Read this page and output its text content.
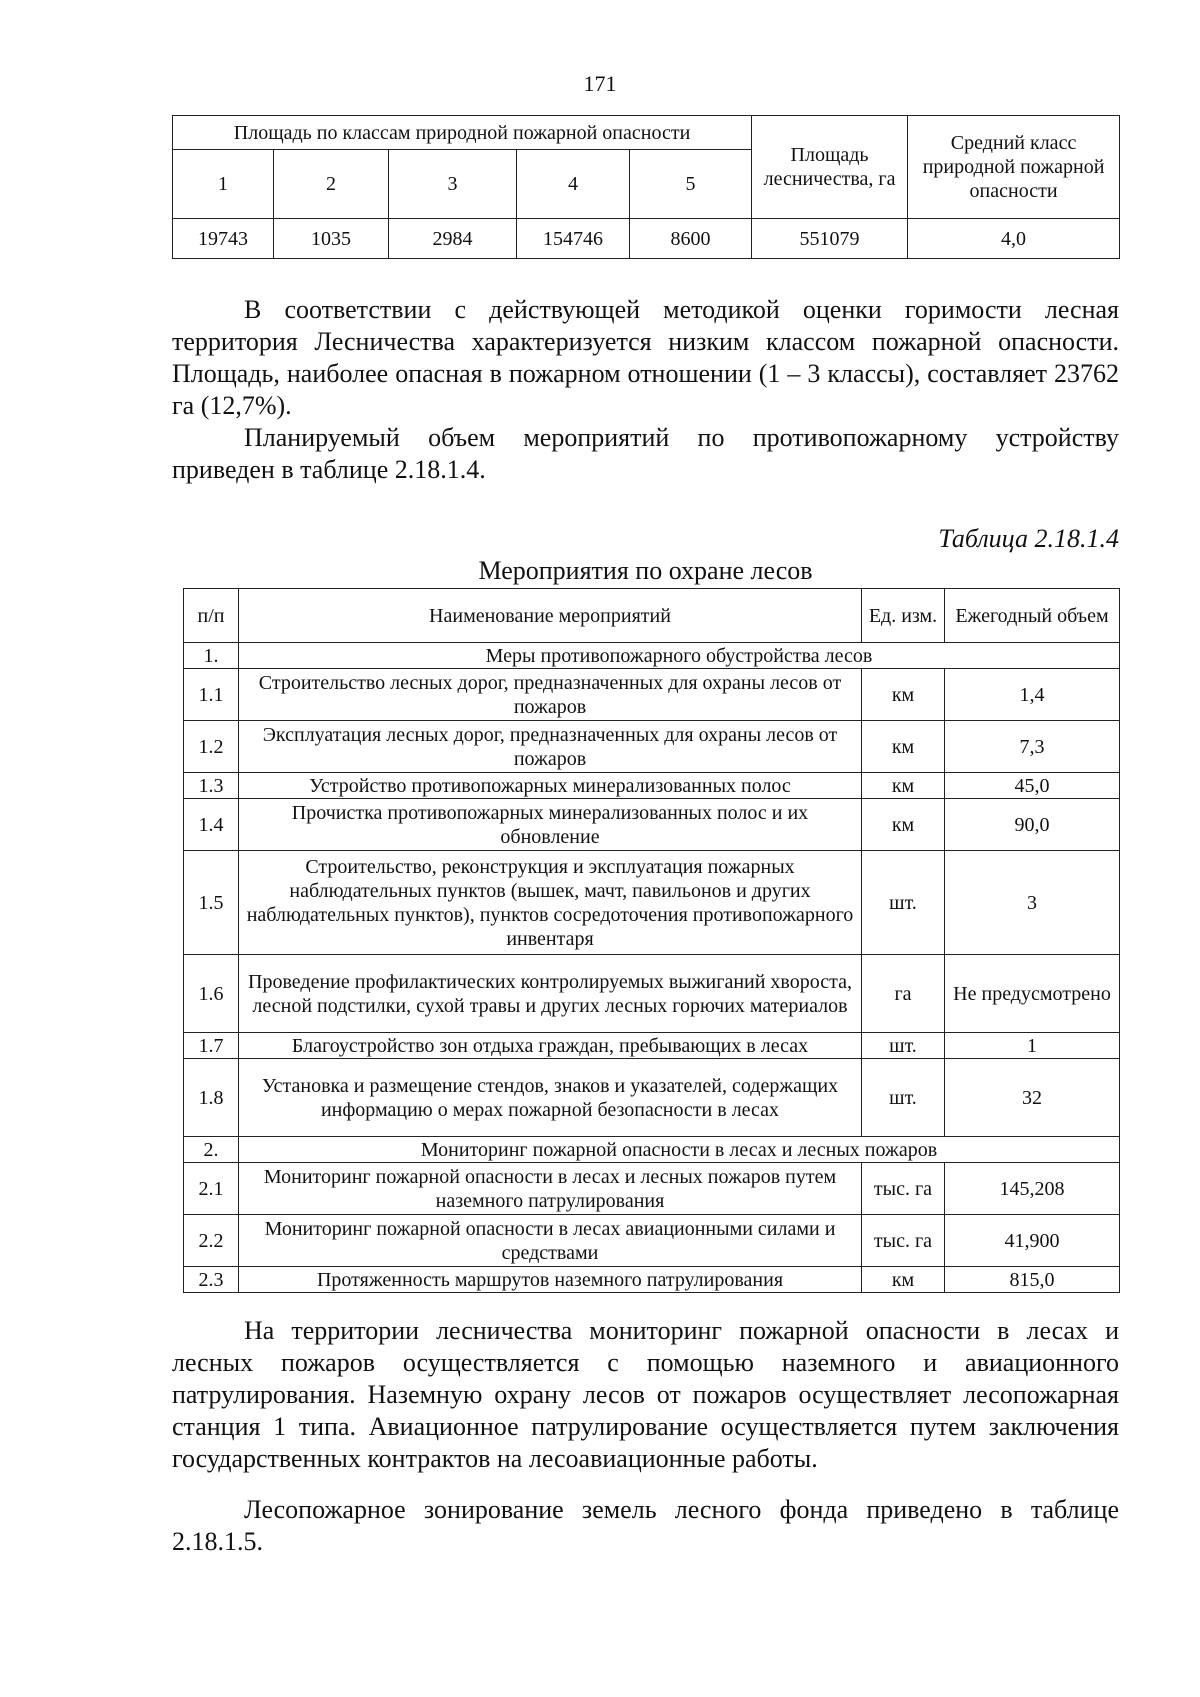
171
Площадь по классам природной пожарной опасности					Площадь лесничества, га	Средний класс природной пожарной опасности
1	2	3	4	5		
19743	1035	2984	154746	8600	551079	4,0

В соответствии с действующей методикой оценки горимости лесная территория Лесничества характеризуется низким классом пожарной опасности. Площадь, наиболее опасная в пожарном отношении (1 – 3 классы), составляет 23762 га (12,7%).

Планируемый объем мероприятий по противопожарному устройству приведен в таблице 2.18.1.4.

Таблица 2.18.1.4
Мероприятия по охране лесов
п/п	Наименование мероприятий	Ед. изм.	Ежегодный объем
1.	Меры противопожарного обустройства лесов		
1.1	Строительство лесных дорог, предназначенных для охраны лесов от пожаров	км	1,4
1.2	Эксплуатация лесных дорог, предназначенных для охраны лесов от пожаров	км	7,3
1.3	Устройство противопожарных минерализованных полос	км	45,0
1.4	Прочистка противопожарных минерализованных полос и их обновление	км	90,0
1.5	Строительство, реконструкция и эксплуатация пожарных наблюдательных пунктов (вышек, мачт, павильонов и других наблюдательных пунктов), пунктов сосредоточения противопожарного инвентаря	шт.	3
1.6	Проведение профилактических контролируемых выжиганий хвороста, лесной подстилки, сухой травы и других лесных горючих материалов	га	Не предусмотрено
1.7	Благоустройство зон отдыха граждан, пребывающих в лесах	шт.	1
1.8	Установка и размещение стендов, знаков и указателей, содержащих информацию о мерах пожарной безопасности в лесах	шт.	32
2.	Мониторинг пожарной опасности в лесах и лесных пожаров		
2.1	Мониторинг пожарной опасности в лесах и лесных пожаров путем наземного патрулирования	тыс. га	145,208
2.2	Мониторинг пожарной опасности в лесах авиационными силами и средствами	тыс. га	41,900
2.3	Протяженность маршрутов наземного патрулирования	км	815,0

На территории лесничества мониторинг пожарной опасности в лесах и лесных пожаров осуществляется с помощью наземного и авиационного патрулирования. Наземную охрану лесов от пожаров осуществляет лесопожарная станция 1 типа. Авиационное патрулирование осуществляется путем заключения государственных контрактов на лесоавиационные работы.

Лесопожарное зонирование земель лесного фонда приведено в таблице 2.18.1.5.
